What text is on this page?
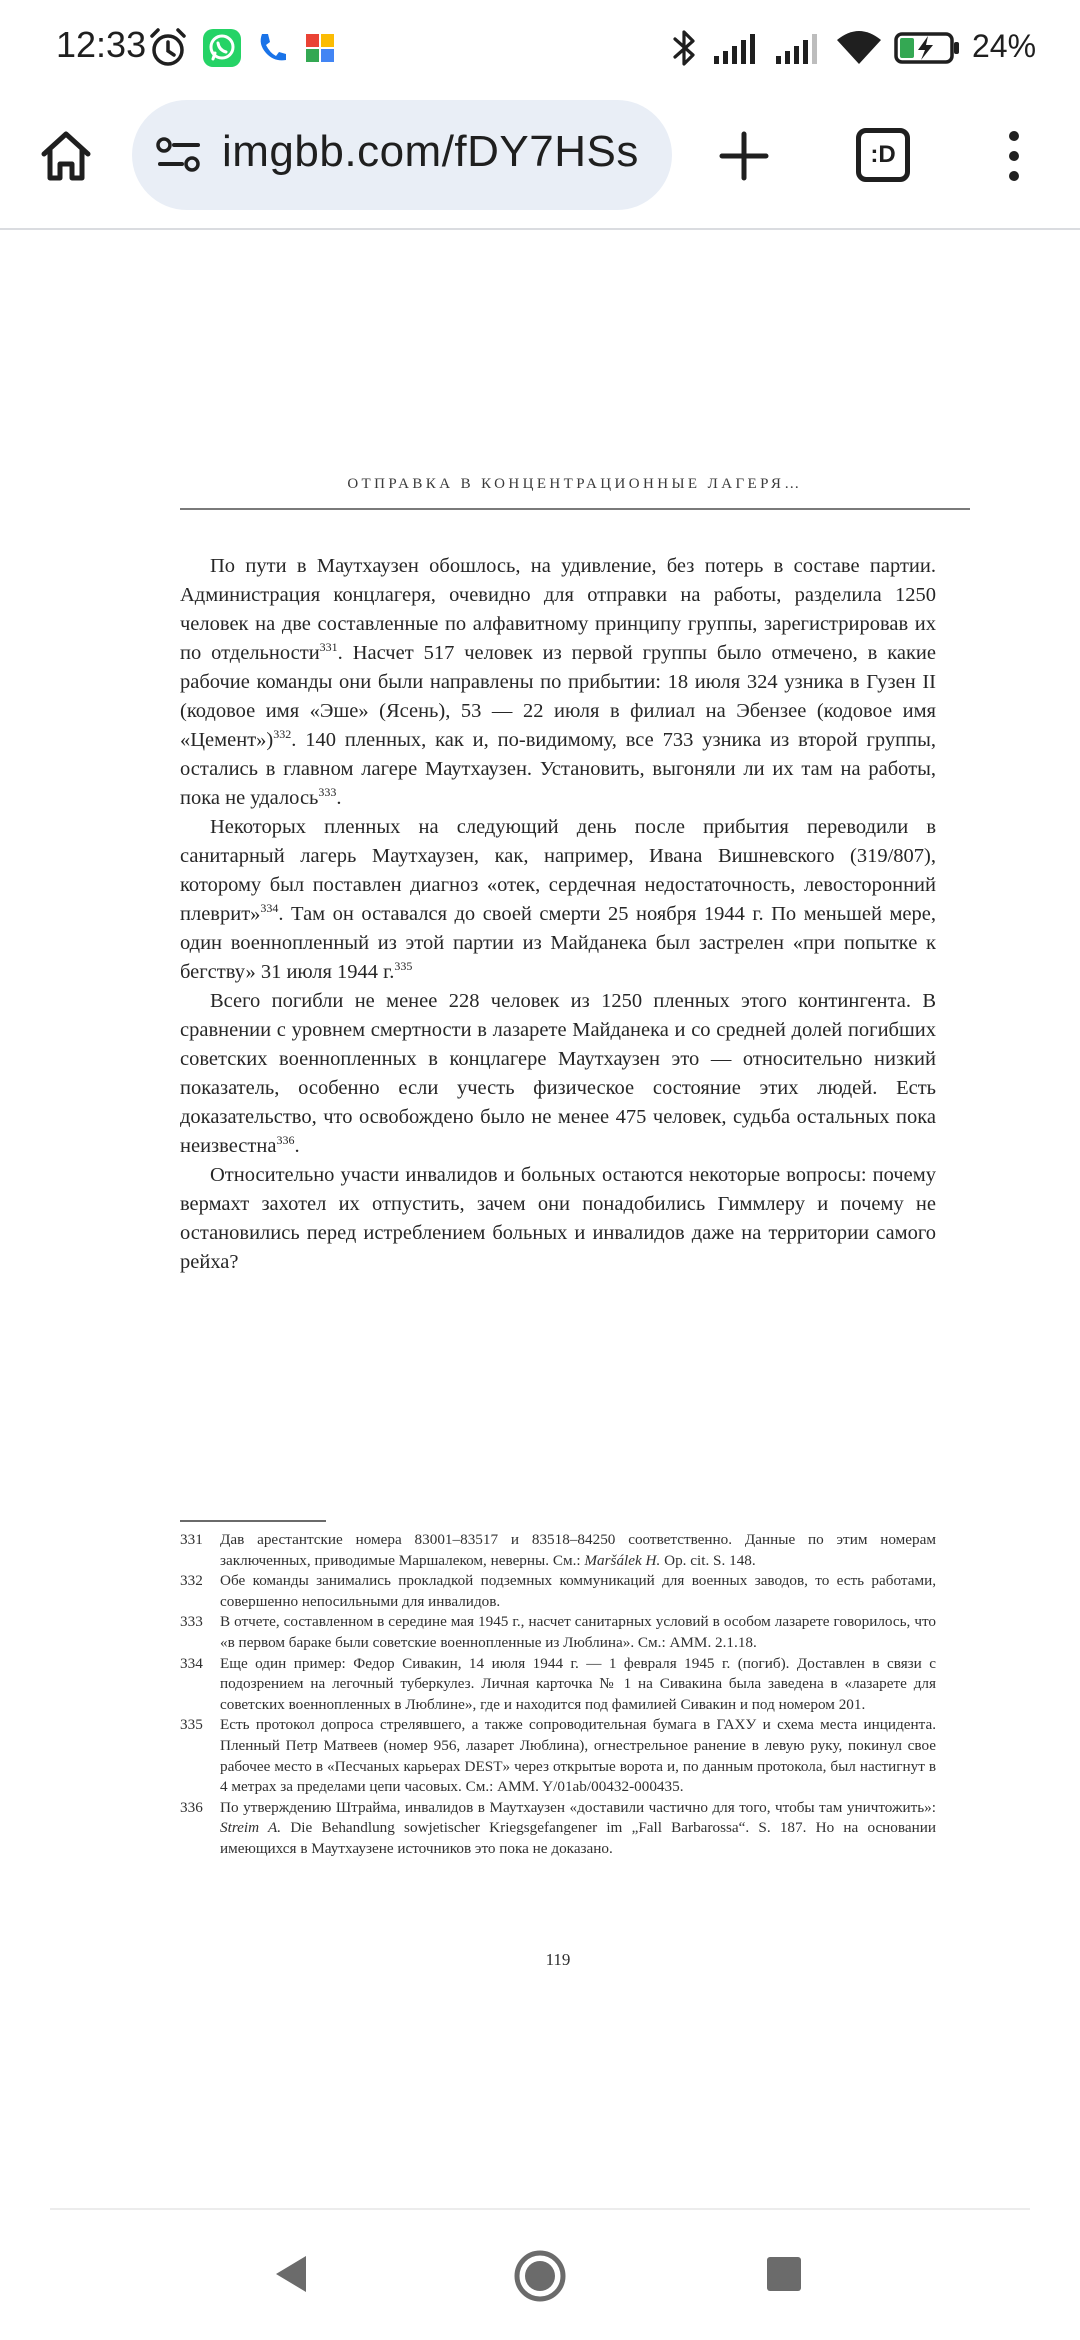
12:33	24%
imgbb.com/fDY7HSs	:D
ОТПРАВКА В КОНЦЕНТРАЦИОННЫЕ ЛАГЕРЯ…

По пути в Маутхаузен обошлось, на удивление, без потерь в составе партии. Администрация концлагеря, очевидно для отправки на работы, разделила 1250 человек на две составленные по алфавитному принципу группы, зарегистрировав их по отдельности$^{331}$. Насчет 517 человек из первой группы было отмечено, в какие рабочие команды они были направлены по прибытии: 18 июля 324 узника в Гузен II (кодовое имя «Эше» (Ясень), 53 — 22 июля в филиал на Эбензее (кодовое имя «Цемент»)$^{332}$. 140 пленных, как и, по-видимому, все 733 узника из второй группы, остались в главном лагере Маутхаузен. Установить, выгоняли ли их там на работы, пока не удалось$^{333}$.

Некоторых пленных на следующий день после прибытия переводили в санитарный лагерь Маутхаузен, как, например, Ивана Вишневского (319/807), которому был поставлен диагноз «отек, сердечная недостаточность, левосторонний плеврит»$^{334}$. Там он оставался до своей смерти 25 ноября 1944 г. По меньшей мере, один военнопленный из этой партии из Майданека был застрелен «при попытке к бегству» 31 июля 1944 г.$^{335}$

Всего погибли не менее 228 человек из 1250 пленных этого контингента. В сравнении с уровнем смертности в лазарете Майданека и со средней долей погибших советских военнопленных в концлагере Маутхаузен это — относительно низкий показатель, особенно если учесть физическое состояние этих людей. Есть доказательство, что освобождено было не менее 475 человек, судьба остальных пока неизвестна$^{336}$.

Относительно участи инвалидов и больных остаются некоторые вопросы: почему вермахт захотел их отпустить, зачем они понадобились Гиммлеру и почему не остановились перед истреблением больных и инвалидов даже на территории самого рейха?

331 Дав арестантские номера 83001–83517 и 83518–84250 соответственно. Данные по этим номерам заключенных, приводимые Маршалеком, неверны. См.: Maršálek H. Op. cit. S. 148.
332 Обе команды занимались прокладкой подземных коммуникаций для военных заводов, то есть работами, совершенно непосильными для инвалидов.
333 В отчете, составленном в середине мая 1945 г., насчет санитарных условий в особом лазарете говорилось, что «в первом бараке были советские военнопленные из Люблина». См.: AMM. 2.1.18.
334 Еще один пример: Федор Сивакин, 14 июля 1944 г. — 1 февраля 1945 г. (погиб). Доставлен в связи с подозрением на легочный туберкулез. Личная карточка № 1 на Сивакина была заведена в «лазарете для советских военнопленных в Люблине», где и находится под фамилией Сивакин и под номером 201.
335 Есть протокол допроса стрелявшего, а также сопроводительная бумага в ГАХУ и схема места инцидента. Пленный Петр Матвеев (номер 956, лазарет Люблина), огнестрельное ранение в левую руку, покинул свое рабочее место в «Песчаных карьерах DEST» через открытые ворота и, по данным протокола, был настигнут в 4 метрах за пределами цепи часовых. См.: AMM. Y/01ab/00432-000435.
336 По утверждению Штрайма, инвалидов в Маутхаузен «доставили частично для того, чтобы там уничтожить»: Streim A. Die Behandlung sowjetischer Kriegsgefangener im „Fall Barbarossa“. S. 187. Но на основании имеющихся в Маутхаузене источников это пока не доказано.
119
